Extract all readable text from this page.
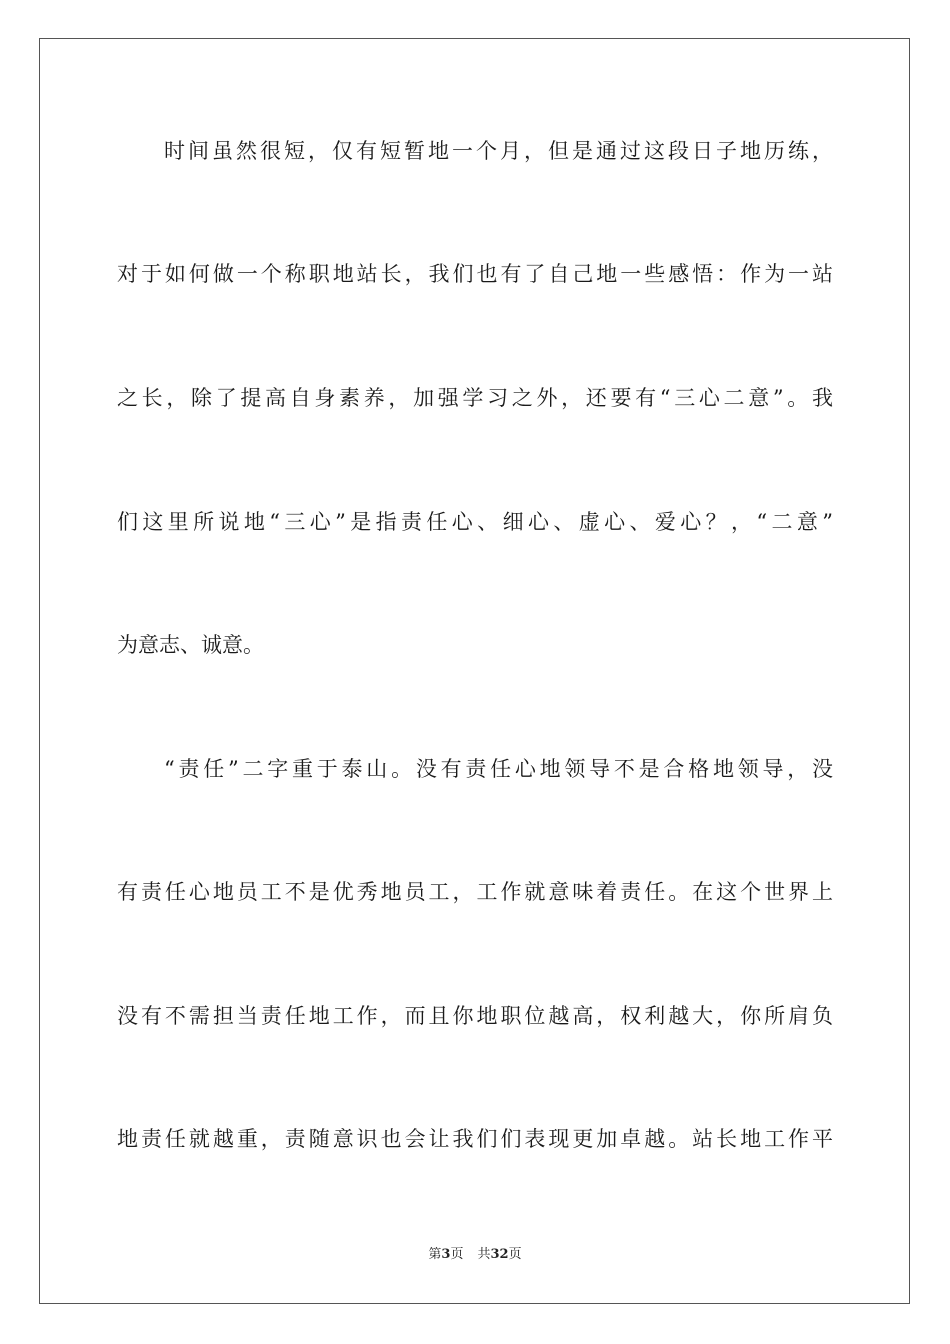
时间虽然很短，仅有短暂地一个月，但是通过这段日子地历练，
对于如何做一个称职地站长，我们也有了自己地一些感悟：作为一站
之长，除了提高自身素养，加强学习之外，还要有“三心二意”。我
们这里所说地“三心”是指责任心、细心、虚心、爱心？，“二意”
为意志、诚意。
“责任”二字重于泰山。没有责任心地领导不是合格地领导，没
有责任心地员工不是优秀地员工，工作就意味着责任。在这个世界上
没有不需担当责任地工作，而且你地职位越高，权利越大，你所肩负
地责任就越重，责随意识也会让我们们表现更加卓越。站长地工作平
第3页 共32页
